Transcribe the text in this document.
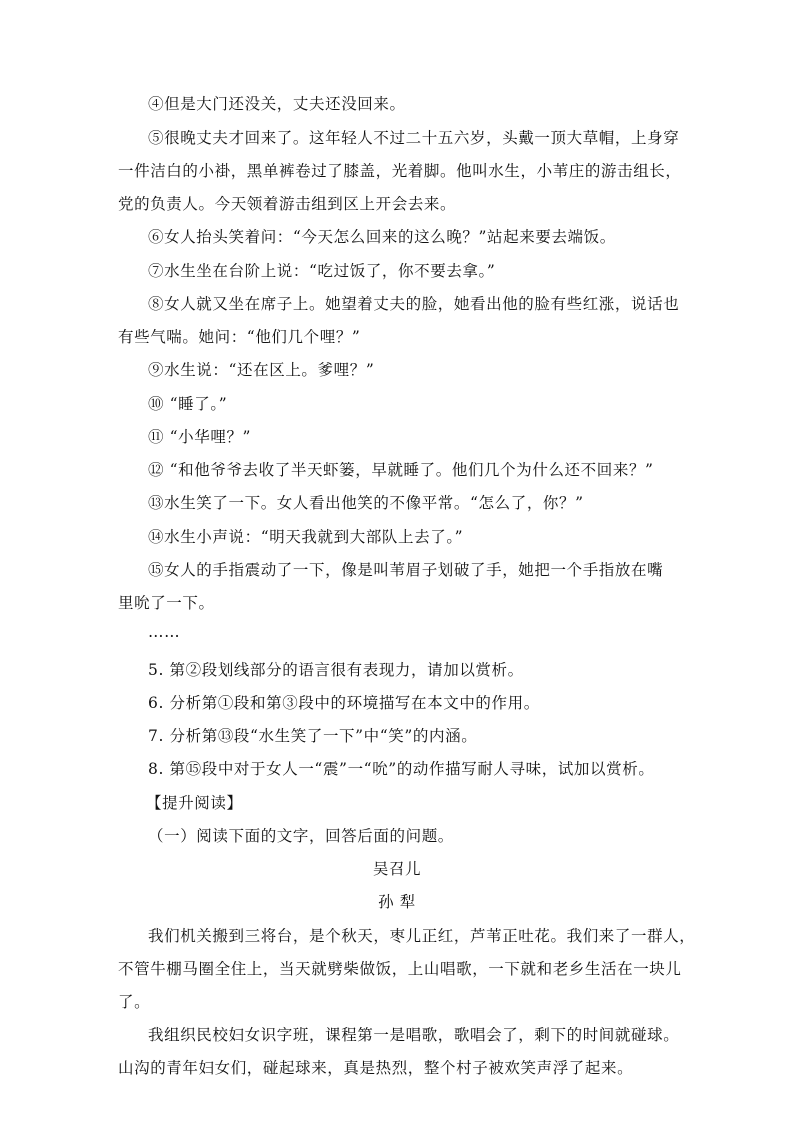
④但是大门还没关，丈夫还没回来。
⑤很晚丈夫才回来了。这年轻人不过二十五六岁，头戴一顶大草帽，上身穿
一件洁白的小褂，黑单裤卷过了膝盖，光着脚。他叫水生，小苇庄的游击组长，
党的负责人。今天领着游击组到区上开会去来。
⑥女人抬头笑着问：“今天怎么回来的这么晚？”站起来要去端饭。
⑦水生坐在台阶上说：“吃过饭了，你不要去拿。”
⑧女人就又坐在席子上。她望着丈夫的脸，她看出他的脸有些红涨，说话也
有些气喘。她问：“他们几个哩？”
⑨水生说：“还在区上。爹哩？”
⑩ “睡了。”
⑪ “小华哩？”
⑫ “和他爷爷去收了半天虾篓，早就睡了。他们几个为什么还不回来？”
⑬水生笑了一下。女人看出他笑的不像平常。“怎么了，你？”
⑭水生小声说：“明天我就到大部队上去了。”
⑮女人的手指震动了一下，像是叫苇眉子划破了手，她把一个手指放在嘴
里吮了一下。
……
5. 第②段划线部分的语言很有表现力，请加以赏析。
6. 分析第①段和第③段中的环境描写在本文中的作用。
7. 分析第⑬段“水生笑了一下”中“笑”的内涵。
8. 第⑮段中对于女人一“震”一“吮”的动作描写耐人寻味，试加以赏析。
【提升阅读】
（一）阅读下面的文字，回答后面的问题。
吴召儿
孙 犁
我们机关搬到三将台，是个秋天，枣儿正红，芦苇正吐花。我们来了一群人，
不管牛棚马圈全住上，当天就劈柴做饭，上山唱歌，一下就和老乡生活在一块儿
了。
我组织民校妇女识字班，课程第一是唱歌，歌唱会了，剩下的时间就碰球。
山沟的青年妇女们，碰起球来，真是热烈，整个村子被欢笑声浮了起来。
